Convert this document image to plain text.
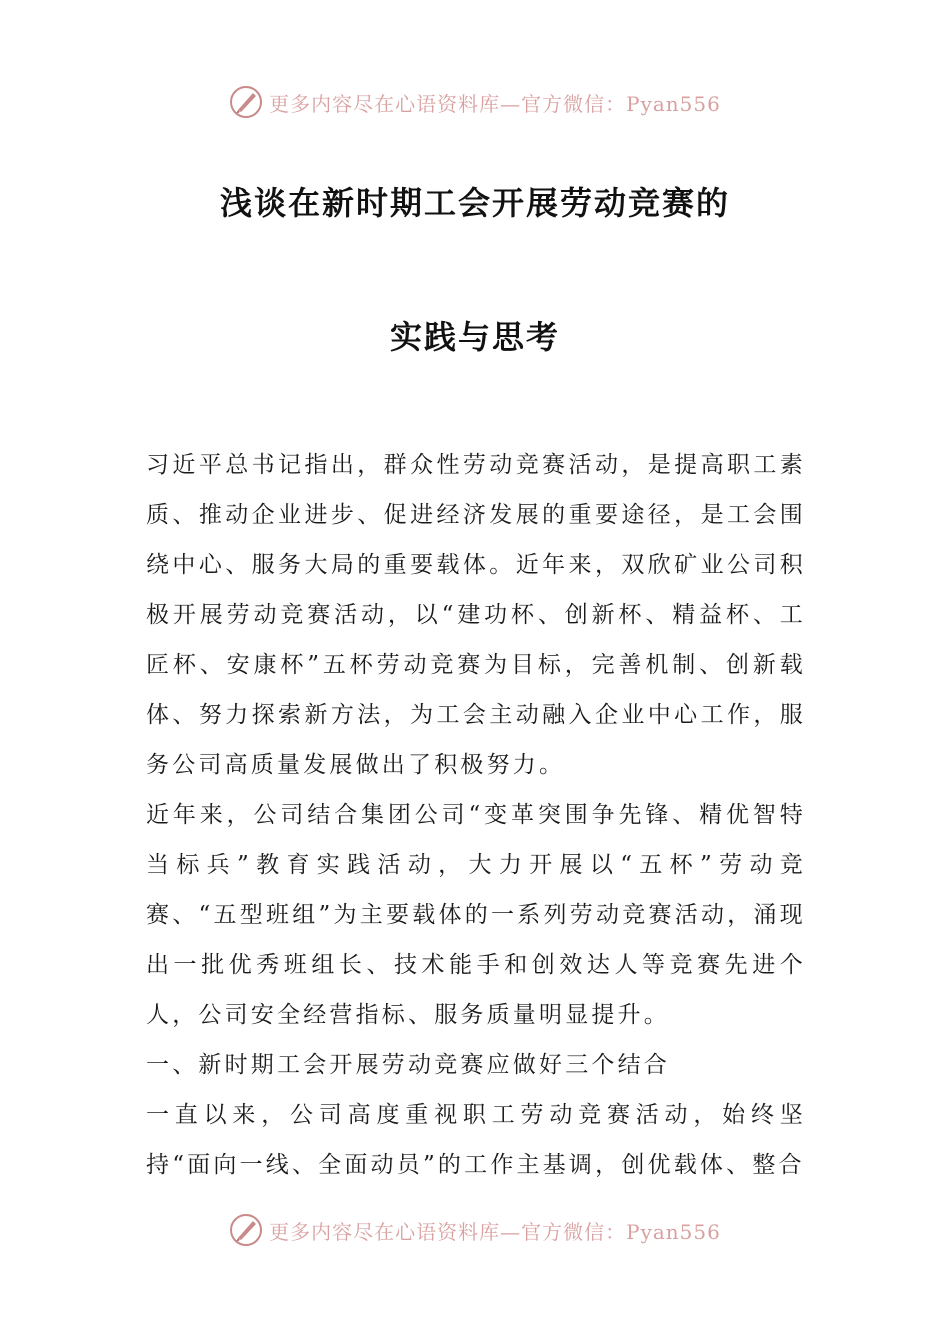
更多内容尽在心语资料库—官方微信：Pyan556
浅谈在新时期工会开展劳动竞赛的
实践与思考

习近平总书记指出，群众性劳动竞赛活动，是提高职工素质、推动企业进步、促进经济发展的重要途径，是工会围绕中心、服务大局的重要载体。近年来，双欣矿业公司积极开展劳动竞赛活动，以“建功杯、创新杯、精益杯、工匠杯、安康杯”五杯劳动竞赛为目标，完善机制、创新载体、努力探索新方法，为工会主动融入企业中心工作，服务公司高质量发展做出了积极努力。

近年来，公司结合集团公司“变革突围争先锋、精优智特当标兵”教育实践活动，大力开展以“五杯”劳动竞赛、“五型班组”为主要载体的一系列劳动竞赛活动，涌现出一批优秀班组长、技术能手和创效达人等竞赛先进个人，公司安全经营指标、服务质量明显提升。

一、新时期工会开展劳动竞赛应做好三个结合

一直以来，公司高度重视职工劳动竞赛活动，始终坚持“面向一线、全面动员”的工作主基调，创优载体、整合

更多内容尽在心语资料库—官方微信：Pyan556
